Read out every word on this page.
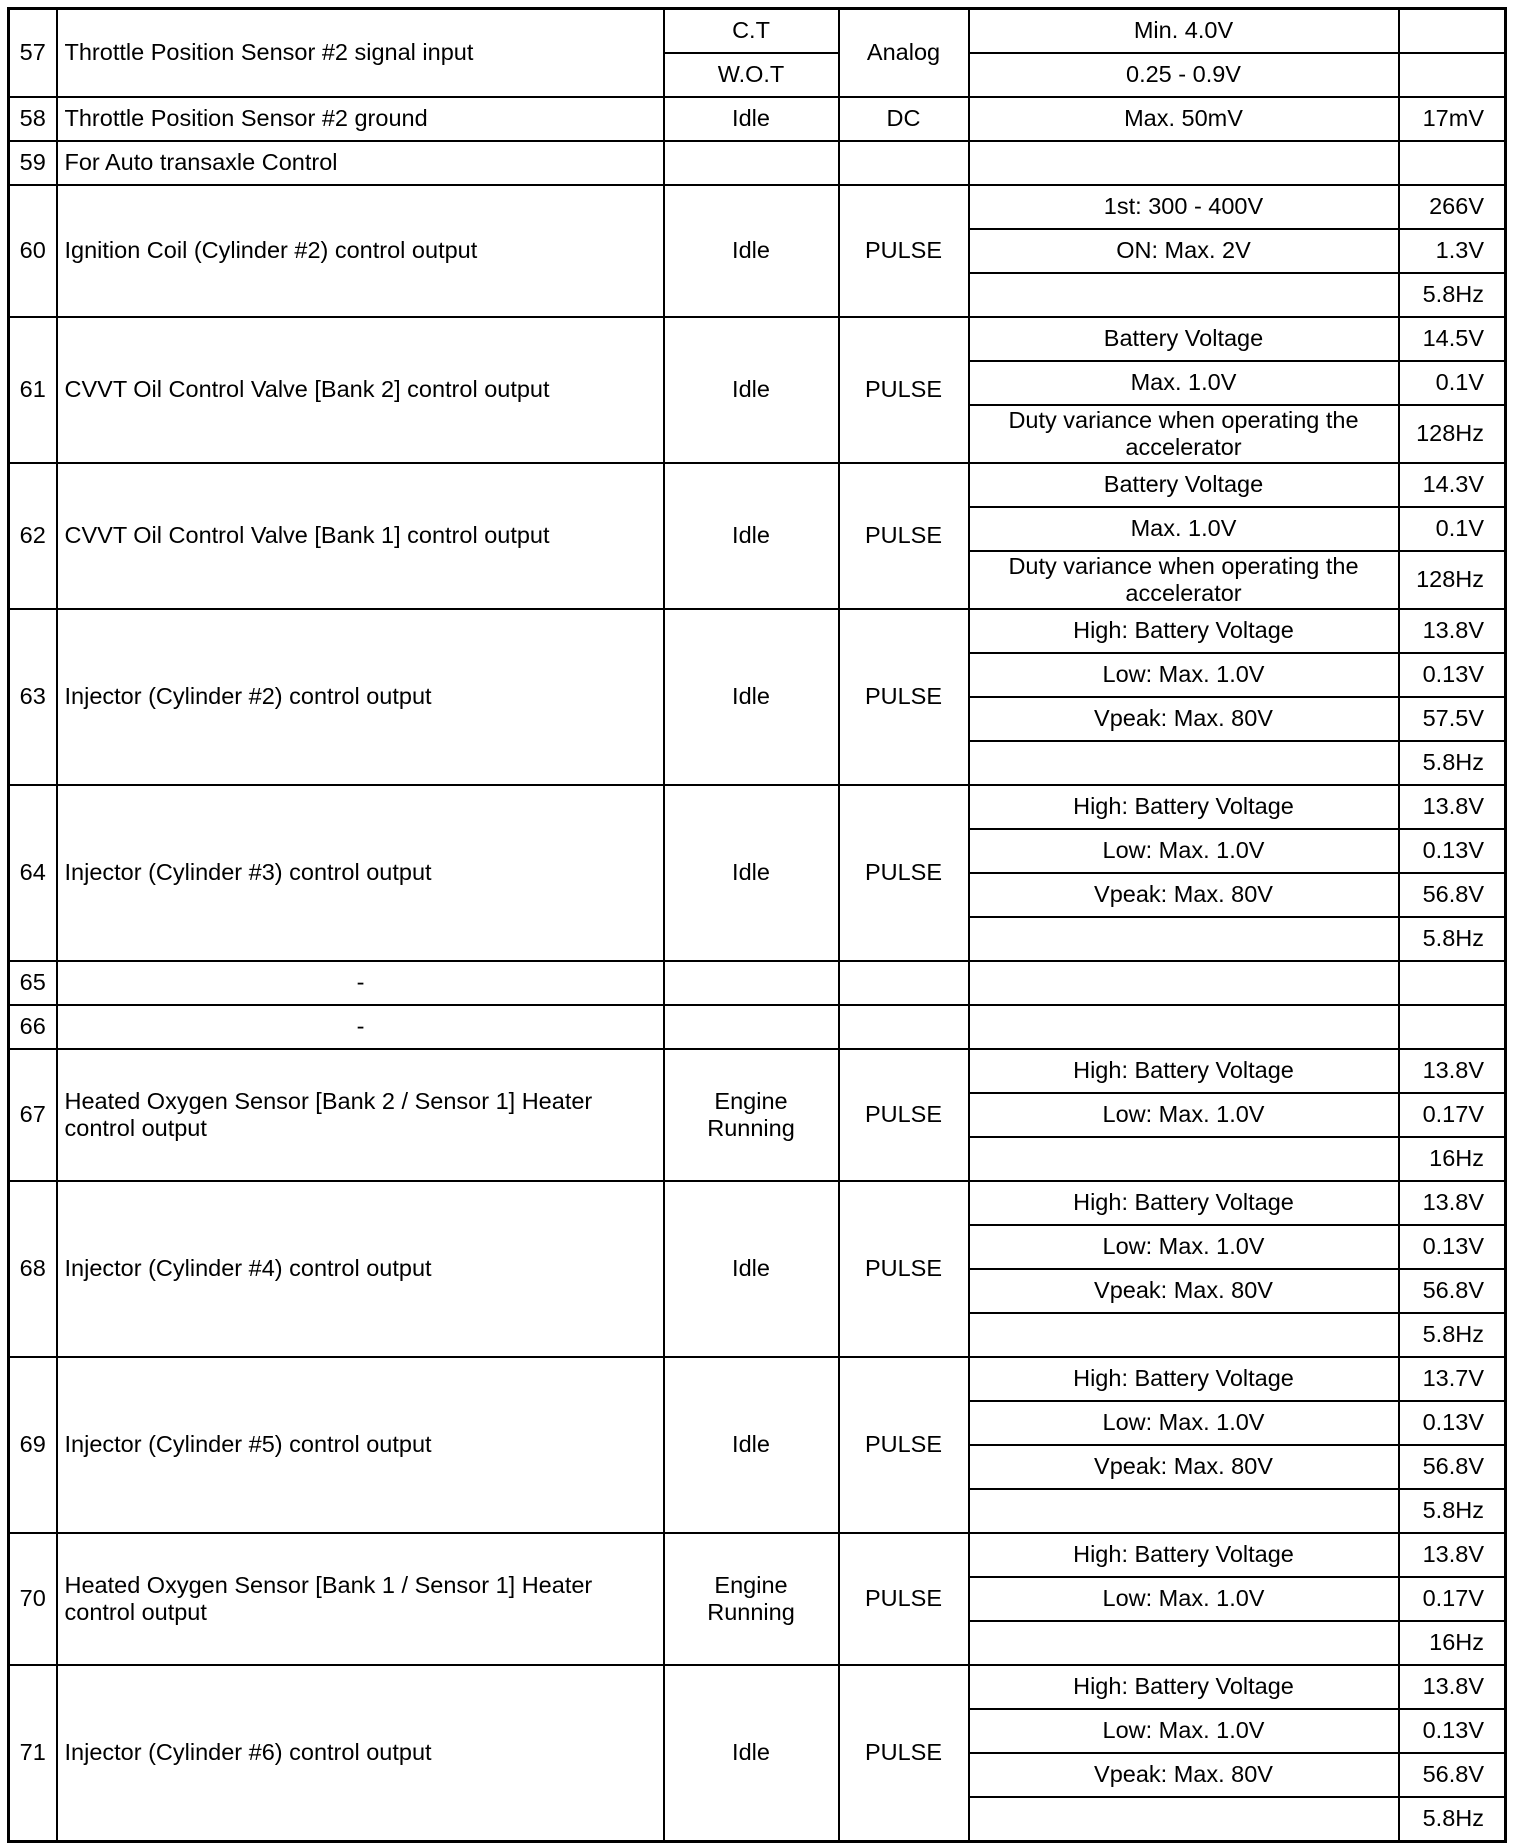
57	Throttle Position Sensor #2 signal input	C.T	Analog	Min. 4.0V	
		W.O.T		0.25 - 0.9V	
58	Throttle Position Sensor #2 ground	Idle	DC	Max. 50mV	17mV
59	For Auto transaxle Control				
60	Ignition Coil (Cylinder #2) control output	Idle	PULSE	1st: 300 - 400V	266V
				ON: Max. 2V	1.3V
					5.8Hz
61	CVVT Oil Control Valve [Bank 2] control output	Idle	PULSE	Battery Voltage	14.5V
				Max. 1.0V	0.1V
				Duty variance when operating the accelerator	128Hz
62	CVVT Oil Control Valve [Bank 1] control output	Idle	PULSE	Battery Voltage	14.3V
				Max. 1.0V	0.1V
				Duty variance when operating the accelerator	128Hz
63	Injector (Cylinder #2) control output	Idle	PULSE	High: Battery Voltage	13.8V
				Low: Max. 1.0V	0.13V
				Vpeak: Max. 80V	57.5V
					5.8Hz
64	Injector (Cylinder #3) control output	Idle	PULSE	High: Battery Voltage	13.8V
				Low: Max. 1.0V	0.13V
				Vpeak: Max. 80V	56.8V
					5.8Hz
65	-				
66	-				
67	Heated Oxygen Sensor [Bank 2 / Sensor 1] Heater control output	Engine Running	PULSE	High: Battery Voltage	13.8V
				Low: Max. 1.0V	0.17V
					16Hz
68	Injector (Cylinder #4) control output	Idle	PULSE	High: Battery Voltage	13.8V
				Low: Max. 1.0V	0.13V
				Vpeak: Max. 80V	56.8V
					5.8Hz
69	Injector (Cylinder #5) control output	Idle	PULSE	High: Battery Voltage	13.7V
				Low: Max. 1.0V	0.13V
				Vpeak: Max. 80V	56.8V
					5.8Hz
70	Heated Oxygen Sensor [Bank 1 / Sensor 1] Heater control output	Engine Running	PULSE	High: Battery Voltage	13.8V
				Low: Max. 1.0V	0.17V
					16Hz
71	Injector (Cylinder #6) control output	Idle	PULSE	High: Battery Voltage	13.8V
				Low: Max. 1.0V	0.13V
				Vpeak: Max. 80V	56.8V
					5.8Hz
